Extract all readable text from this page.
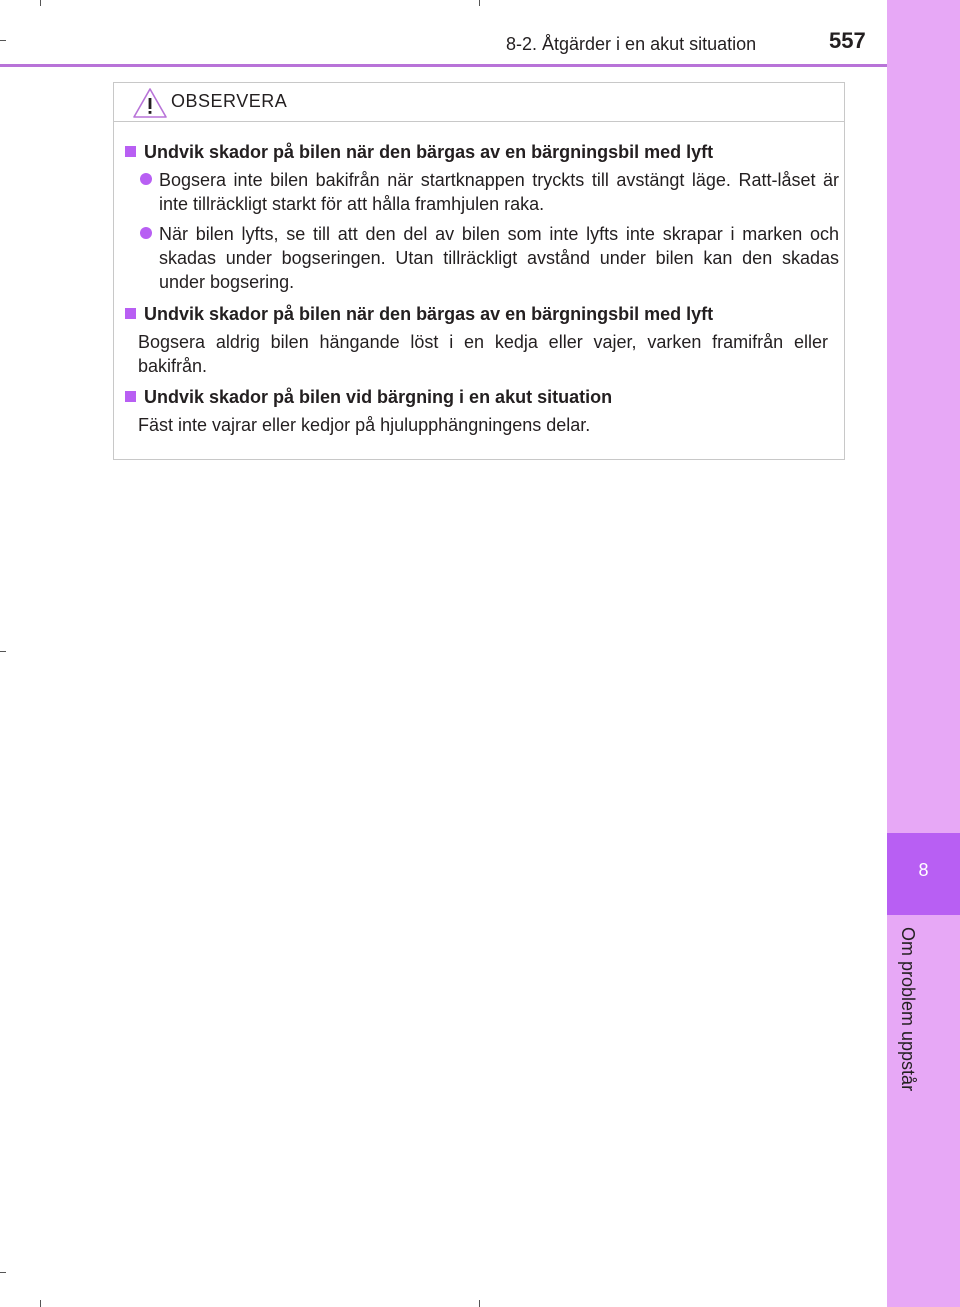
8-2. Åtgärder i en akut situation	557
8
Om problem uppstår
OBSERVERA
Undvik skador på bilen när den bärgas av en bärgningsbil med lyft
Bogsera inte bilen bakifrån när startknappen tryckts till avstängt läge. Ratt-låset är inte tillräckligt starkt för att hålla framhjulen raka.
När bilen lyfts, se till att den del av bilen som inte lyfts inte skrapar i marken och skadas under bogseringen. Utan tillräckligt avstånd under bilen kan den skadas under bogsering.
Undvik skador på bilen när den bärgas av en bärgningsbil med lyft
Bogsera aldrig bilen hängande löst i en kedja eller vajer, varken framifrån eller bakifrån.
Undvik skador på bilen vid bärgning i en akut situation
Fäst inte vajrar eller kedjor på hjulupphängningens delar.
